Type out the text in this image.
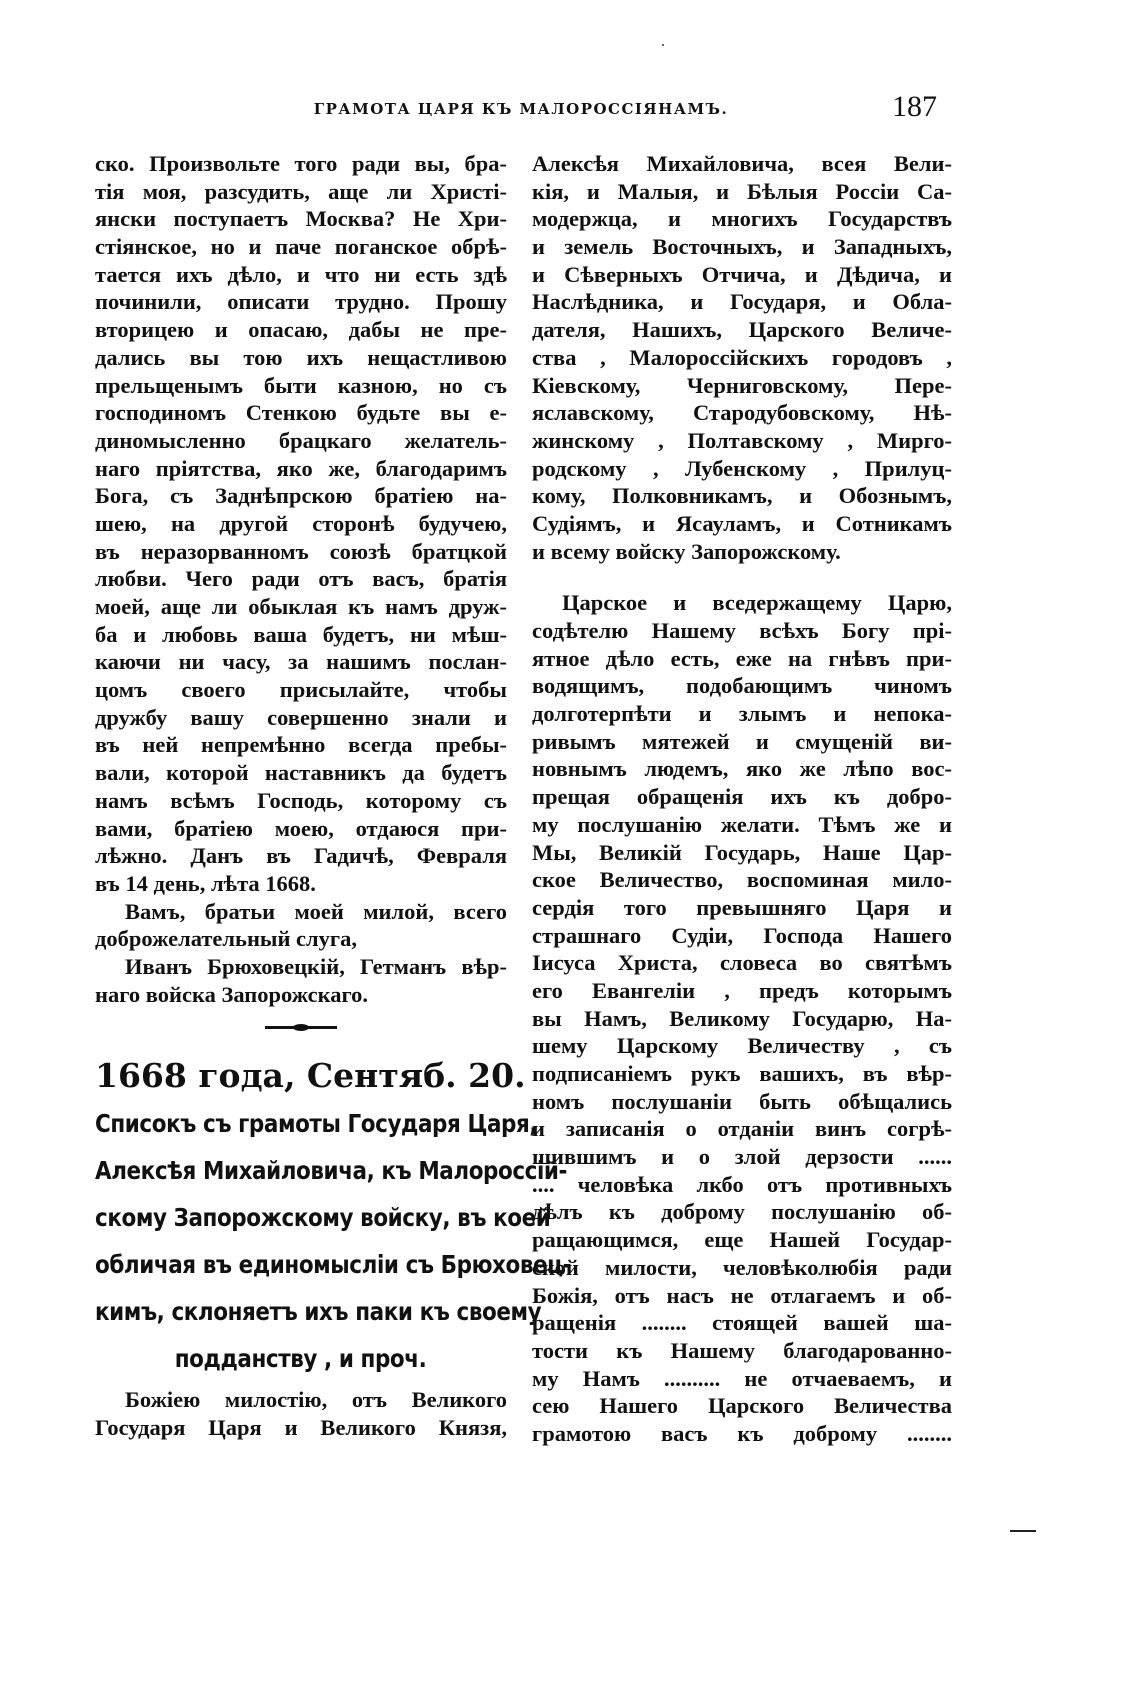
ГРАМОТА ЦАРЯ КЪ МАЛОРОССІЯНАМЪ.	187
ско. Произвольте того ради вы, бра-
тія моя, разсудить, аще ли Христі-
янски поступаетъ Москва? Не Хри-
стіянское, но и паче поганское обрѣ-
тается ихъ дѣло, и что ни есть здѣ
починили, описати трудно. Прошу
вторицею и опасаю, дабы не пре-
дались вы тою ихъ нещастливою
прельщенымъ быти казнoю, но съ
господиномъ Стенкою будьте вы е-
диномысленно брацкаго желатель-
наго пріятства, яко же, благодаримъ
Бога, съ Заднѣпрскою братіею на-
шею, на другой сторонѣ будучею,
въ неразорванномъ союзѣ братцкой
любви. Чего ради отъ васъ, братія
моей, аще ли обыклая къ намъ друж-
ба и любовь ваша будетъ, ни мѣш-
каючи ни часу, за нашимъ послан-
цомъ своего присылайте, чтобы
дружбу вашу совершенно знали и
въ ней непремѣнно всегда пребы-
вали, которой наставникъ да будетъ
намъ всѣмъ Господь, которому съ
вами, братіею моею, отдаюся при-
лѣжно. Данъ въ Гадичѣ, Февраля
въ 14 день, лѣта 1668.
Вамъ, братьи моей милой, всего
доброжелательный слуга,
Иванъ Брюховецкій, Гетманъ вѣр-
наго войска Запорожскаго.
1668 года, Сентяб. 20.
Списокъ съ грамоты Государя Царя,
Алексѣя Михайловича, къ Малороссій-
скому Запорожскому войску, въ коей
обличая въ единомысліи съ Брюховец-
кимъ, склоняетъ ихъ паки къ своему
подданству , и проч.
Божіею милостію, отъ Великого
Государя Царя и Великого Князя,
Алексѣя Михайловича, всея Вели-
кія, и Малыя, и Бѣлыя Россіи Са-
модержца, и многихъ Государствъ
и земель Восточныхъ, и Западныхъ,
и Сѣверныхъ Отчича, и Дѣдича, и
Наслѣдника, и Государя, и Обла-
дателя, Нашихъ, Царского Величе-
ства , Малороссійскихъ городовъ ,
Кіевскому, Черниговскому, Пере-
яславскому, Стародубовскому, Нѣ-
жинскому , Полтавскому , Мирго-
родскому , Лубенскому , Прилуц-
кому, Полковникамъ, и Обознымъ,
Судіямъ, и Ясауламъ, и Сотникамъ
и всему войску Запорожскому.
Царское и вседержащему Царю,
содѣтелю Нашему всѣхъ Богу прі-
ятное дѣло есть, еже на гнѣвъ при-
водящимъ, подобающимъ чиномъ
долготерпѣти и злымъ и непока-
ривымъ мятежей и смущеній ви-
новнымъ людемъ, яко же лѣпо вос-
прещая обращенія ихъ къ добро-
му послушанію желати. Тѣмъ же и
Мы, Великій Государь, Наше Цар-
ское Величество, воспоминая мило-
сердія того превышняго Царя и
страшнаго Судіи, Господа Нашего
Іисуса Христа, словеса во святѣмъ
его Евангеліи , предъ которымъ
вы Намъ, Великому Государю, На-
шему Царскому Величеству , съ
подписаніемъ рукъ вашихъ, въ вѣр-
номъ послушаніи быть обѣщались
и записанія о отданіи винъ согрѣ-
шившимъ и о злой дерзости ......
.... человѣка лкбо отъ противныхъ
дѣлъ къ доброму послушанію об-
ращающимся, еще Нашей Государ-
ской милости, человѣколюбія ради
Божія, отъ насъ не отлагаемъ и об-
ращенія ........ стоящей вашей ша-
тости къ Нашему благодарованно-
му Намъ .......... не отчаеваемъ, и
сею Нашего Царского Величества
грамотою васъ къ доброму ........
